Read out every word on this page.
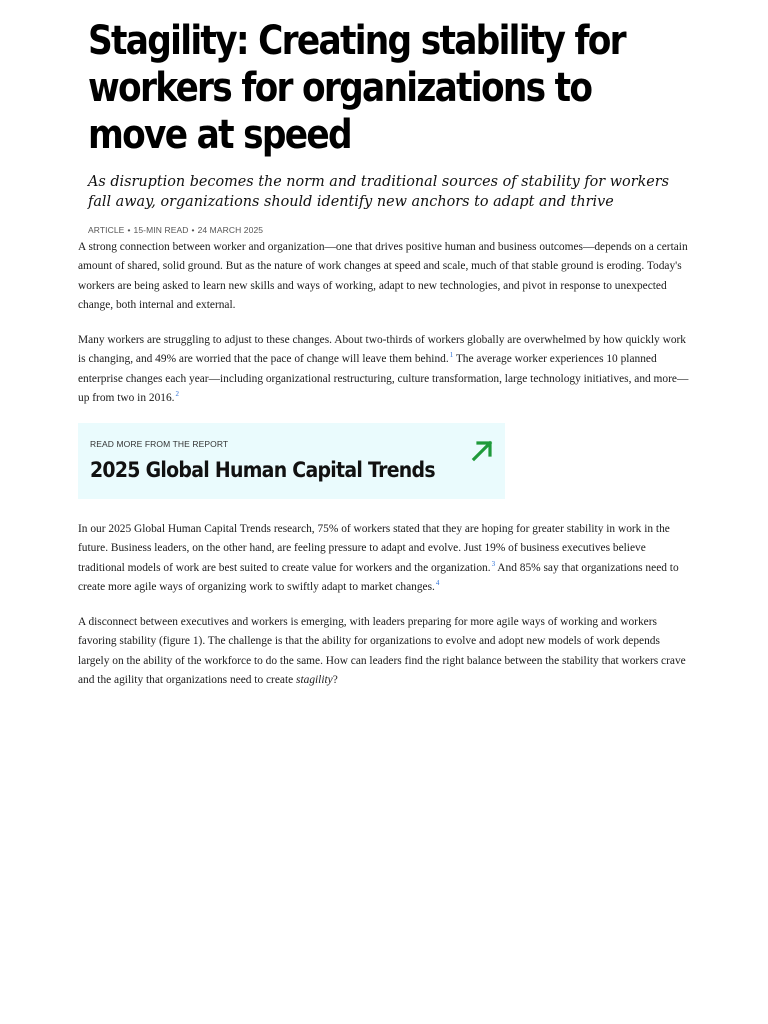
Stagility: Creating stability for workers for organizations to move at speed

As disruption becomes the norm and traditional sources of stability for workers fall away, organizations should identify new anchors to adapt and thrive

ARTICLE • 15-MIN READ • 24 MARCH 2025

A strong connection between worker and organization—one that drives positive human and business outcomes—depends on a certain amount of shared, solid ground. But as the nature of work changes at speed and scale, much of that stable ground is eroding. Today's workers are being asked to learn new skills and ways of working, adapt to new technologies, and pivot in response to unexpected change, both internal and external.

Many workers are struggling to adjust to these changes. About two-thirds of workers globally are overwhelmed by how quickly work is changing, and 49% are worried that the pace of change will leave them behind.$^1$ The average worker experiences 10 planned enterprise changes each year—including organizational restructuring, culture transformation, large technology initiatives, and more—up from two in 2016.$^2$

READ MORE FROM THE REPORT

2025 Global Human Capital Trends

In our 2025 Global Human Capital Trends research, 75% of workers stated that they are hoping for greater stability in work in the future. Business leaders, on the other hand, are feeling pressure to adapt and evolve. Just 19% of business executives believe traditional models of work are best suited to create value for workers and the organization.$^3$ And 85% say that organizations need to create more agile ways of organizing work to swiftly adapt to market changes.$^4$

A disconnect between executives and workers is emerging, with leaders preparing for more agile ways of working and workers favoring stability (figure 1). The challenge is that the ability for organizations to evolve and adopt new models of work depends largely on the ability of the workforce to do the same. How can leaders find the right balance between the stability that workers crave and the agility that organizations need to create stagility?
